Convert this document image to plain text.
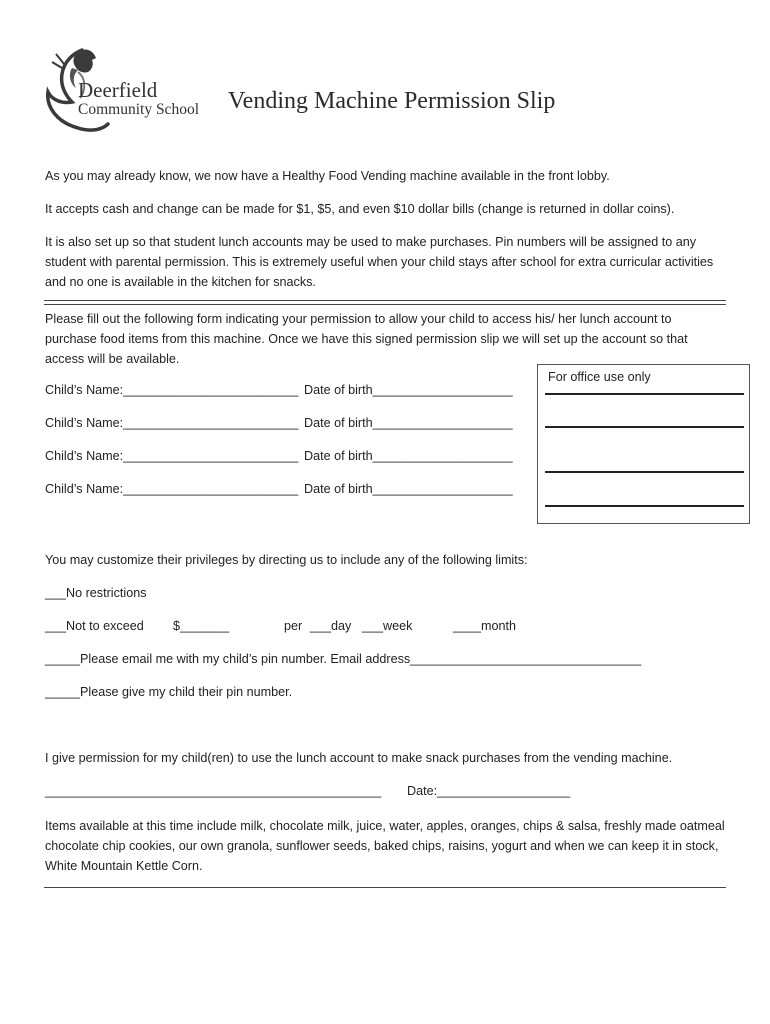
Deerfield
Community School Vending Machine Permission Slip
As you may already know, we now have a Healthy Food Vending machine available in the front lobby.
It accepts cash and change can be made for $1, $5, and even $10 dollar bills (change is returned in dollar coins).
It is also set up so that student lunch accounts may be used to make purchases. Pin numbers will be assigned to any student with parental permission. This is extremely useful when your child stays after school for extra curricular activities and no one is available in the kitchen for snacks.
Please fill out the following form indicating your permission to allow your child to access his/ her lunch account to purchase food items from this machine. Once we have this signed permission slip we will set up the account so that access will be available.
Child’s Name:_________________________ Date of birth____________________
Child’s Name:_________________________ Date of birth____________________
Child’s Name:_________________________ Date of birth____________________
Child’s Name:_________________________ Date of birth____________________
For office use only
You may customize their privileges by directing us to include any of the following limits:
___No restrictions
___Not to exceed $_______	per ___day ___week	____month
_____Please email me with my child’s pin number. Email address_________________________________
_____Please give my child their pin number.
I give permission for my child(ren) to use the lunch account to make snack purchases from the vending machine.
________________________________________________ Date:___________________
Items available at this time include milk, chocolate milk, juice, water, apples, oranges, chips & salsa, freshly made oatmeal chocolate chip cookies, our own granola, sunflower seeds, baked chips, raisins, yogurt and when we can keep it in stock, White Mountain Kettle Corn.
